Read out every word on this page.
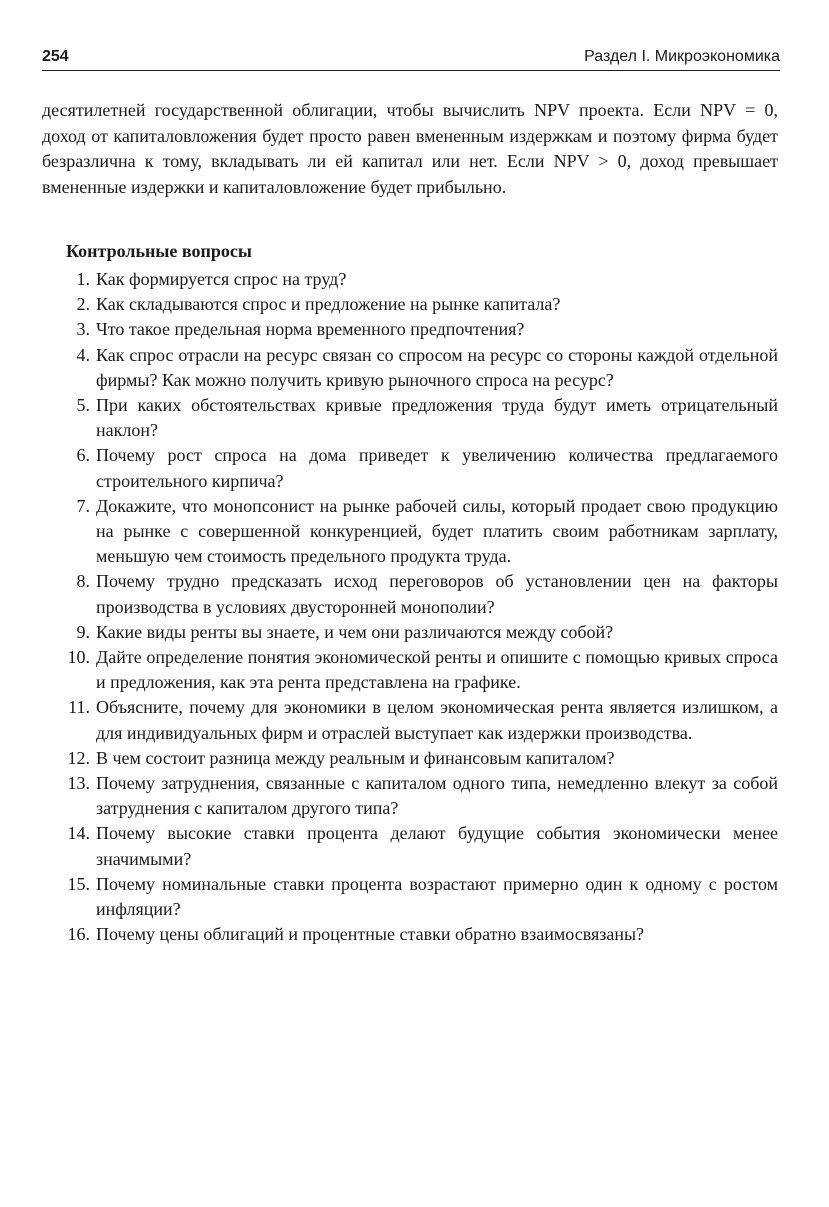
254	Раздел I. Микроэкономика

десятилетней государственной облигации, чтобы вычислить NPV проекта. Если NPV = 0, доход от капиталовложения будет просто равен вмененным издержкам и поэтому фирма будет безразлична к тому, вкладывать ли ей капитал или нет. Если NPV > 0, доход превышает вмененные издержки и капиталовложение будет прибыльно.

Контрольные вопросы
1. Как формируется спрос на труд?
2. Как складываются спрос и предложение на рынке капитала?
3. Что такое предельная норма временного предпочтения?
4. Как спрос отрасли на ресурс связан со спросом на ресурс со стороны каждой отдельной фирмы? Как можно получить кривую рыночного спроса на ресурс?
5. При каких обстоятельствах кривые предложения труда будут иметь отрицательный наклон?
6. Почему рост спроса на дома приведет к увеличению количества предлагаемого строительного кирпича?
7. Докажите, что монопсонист на рынке рабочей силы, который продает свою продукцию на рынке с совершенной конкуренцией, будет платить своим работникам зарплату, меньшую чем стоимость предельного продукта труда.
8. Почему трудно предсказать исход переговоров об установлении цен на факторы производства в условиях двусторонней монополии?
9. Какие виды ренты вы знаете, и чем они различаются между собой?
10. Дайте определение понятия экономической ренты и опишите с помощью кривых спроса и предложения, как эта рента представлена на графике.
11. Объясните, почему для экономики в целом экономическая рента является излишком, а для индивидуальных фирм и отраслей выступает как издержки производства.
12. В чем состоит разница между реальным и финансовым капиталом?
13. Почему затруднения, связанные с капиталом одного типа, немедленно влекут за собой затруднения с капиталом другого типа?
14. Почему высокие ставки процента делают будущие события экономически менее значимыми?
15. Почему номинальные ставки процента возрастают примерно один к одному с ростом инфляции?
16. Почему цены облигаций и процентные ставки обратно взаимосвязаны?
